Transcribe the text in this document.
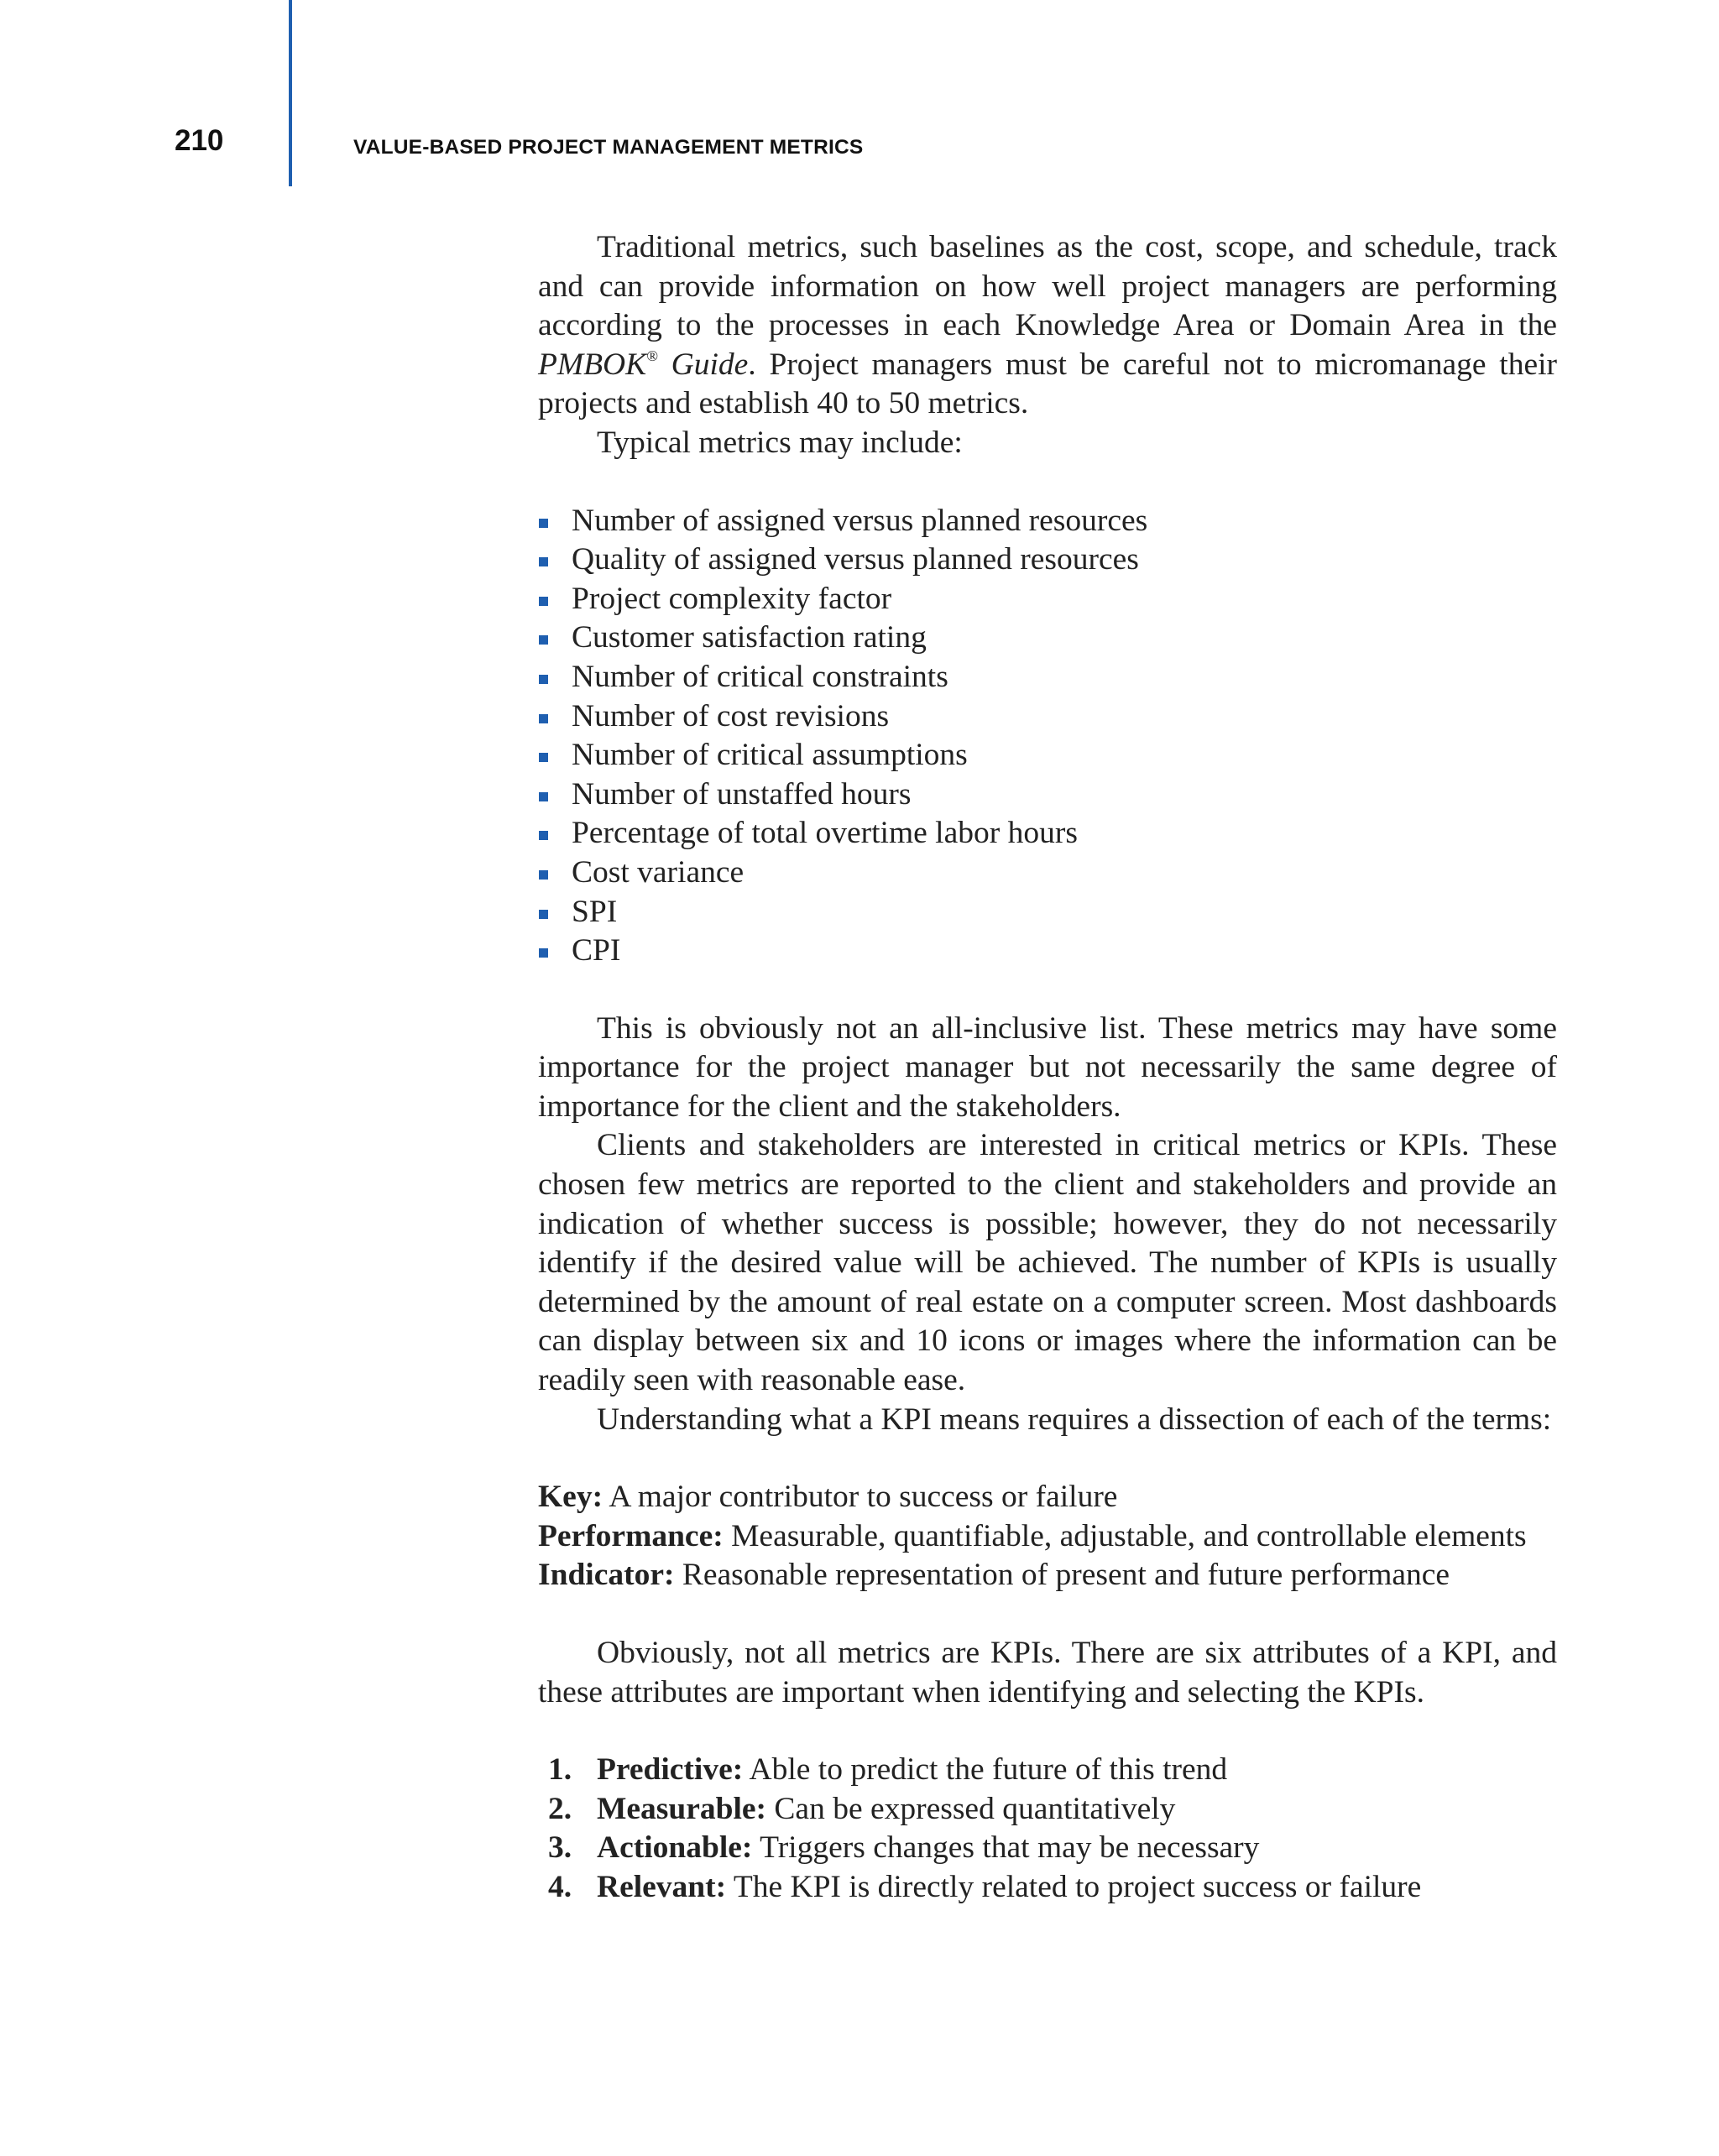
210	VALUE-BASED PROJECT MANAGEMENT METRICS

Traditional metrics, such baselines as the cost, scope, and schedule, track and can provide information on how well project managers are performing according to the processes in each Knowledge Area or Domain Area in the PMBOK® Guide. Project managers must be careful not to micromanage their projects and establish 40 to 50 metrics.

Typical metrics may include:

Number of assigned versus planned resources
Quality of assigned versus planned resources
Project complexity factor
Customer satisfaction rating
Number of critical constraints
Number of cost revisions
Number of critical assumptions
Number of unstaffed hours
Percentage of total overtime labor hours
Cost variance
SPI
CPI

This is obviously not an all-inclusive list. These metrics may have some importance for the project manager but not necessarily the same degree of importance for the client and the stakeholders.

Clients and stakeholders are interested in critical metrics or KPIs. These chosen few metrics are reported to the client and stakeholders and provide an indication of whether success is possible; however, they do not necessarily identify if the desired value will be achieved. The number of KPIs is usually determined by the amount of real estate on a computer screen. Most dashboards can display between six and 10 icons or images where the information can be readily seen with reasonable ease.

Understanding what a KPI means requires a dissection of each of the terms:

Key: A major contributor to success or failure

Performance: Measurable, quantifiable, adjustable, and controllable elements

Indicator: Reasonable representation of present and future performance

Obviously, not all metrics are KPIs. There are six attributes of a KPI, and these attributes are important when identifying and selecting the KPIs.

1. Predictive: Able to predict the future of this trend
2. Measurable: Can be expressed quantitatively
3. Actionable: Triggers changes that may be necessary
4. Relevant: The KPI is directly related to project success or failure
